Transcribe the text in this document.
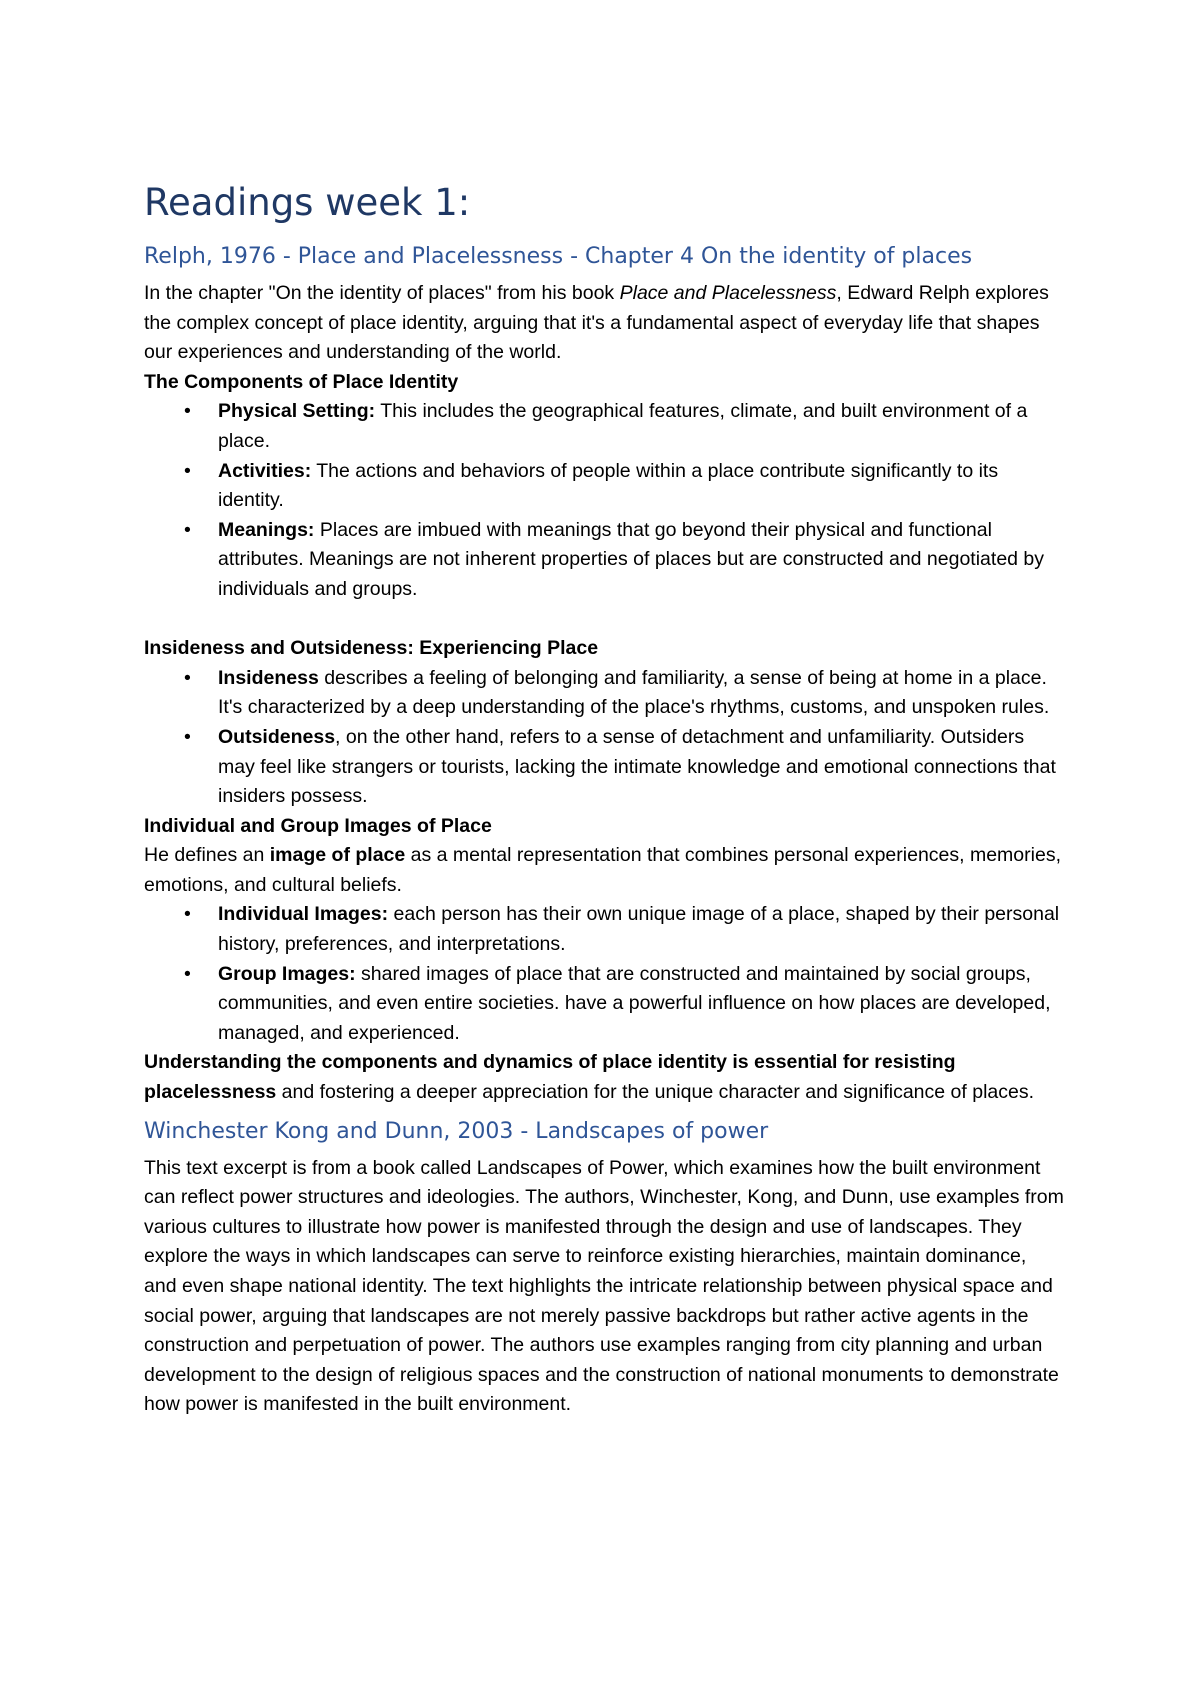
Readings week 1:
Relph, 1976 - Place and Placelessness - Chapter 4 On the identity of places

In the chapter "On the identity of places" from his book Place and Placelessness, Edward Relph explores the complex concept of place identity, arguing that it's a fundamental aspect of everyday life that shapes our experiences and understanding of the world.

The Components of Place Identity

• Physical Setting: This includes the geographical features, climate, and built environment of a place.
• Activities: The actions and behaviors of people within a place contribute significantly to its identity.
• Meanings: Places are imbued with meanings that go beyond their physical and functional attributes. Meanings are not inherent properties of places but are constructed and negotiated by individuals and groups.

Insideness and Outsideness: Experiencing Place

• Insideness describes a feeling of belonging and familiarity, a sense of being at home in a place. It's characterized by a deep understanding of the place's rhythms, customs, and unspoken rules.
• Outsideness, on the other hand, refers to a sense of detachment and unfamiliarity. Outsiders may feel like strangers or tourists, lacking the intimate knowledge and emotional connections that insiders possess.

Individual and Group Images of Place

He defines an image of place as a mental representation that combines personal experiences, memories, emotions, and cultural beliefs.

• Individual Images: each person has their own unique image of a place, shaped by their personal history, preferences, and interpretations.
• Group Images: shared images of place that are constructed and maintained by social groups, communities, and even entire societies. have a powerful influence on how places are developed, managed, and experienced.

Understanding the components and dynamics of place identity is essential for resisting placelessness and fostering a deeper appreciation for the unique character and significance of places.

Winchester Kong and Dunn, 2003 - Landscapes of power

This text excerpt is from a book called Landscapes of Power, which examines how the built environment can reflect power structures and ideologies. The authors, Winchester, Kong, and Dunn, use examples from various cultures to illustrate how power is manifested through the design and use of landscapes. They explore the ways in which landscapes can serve to reinforce existing hierarchies, maintain dominance, and even shape national identity. The text highlights the intricate relationship between physical space and social power, arguing that landscapes are not merely passive backdrops but rather active agents in the construction and perpetuation of power. The authors use examples ranging from city planning and urban development to the design of religious spaces and the construction of national monuments to demonstrate how power is manifested in the built environment.
